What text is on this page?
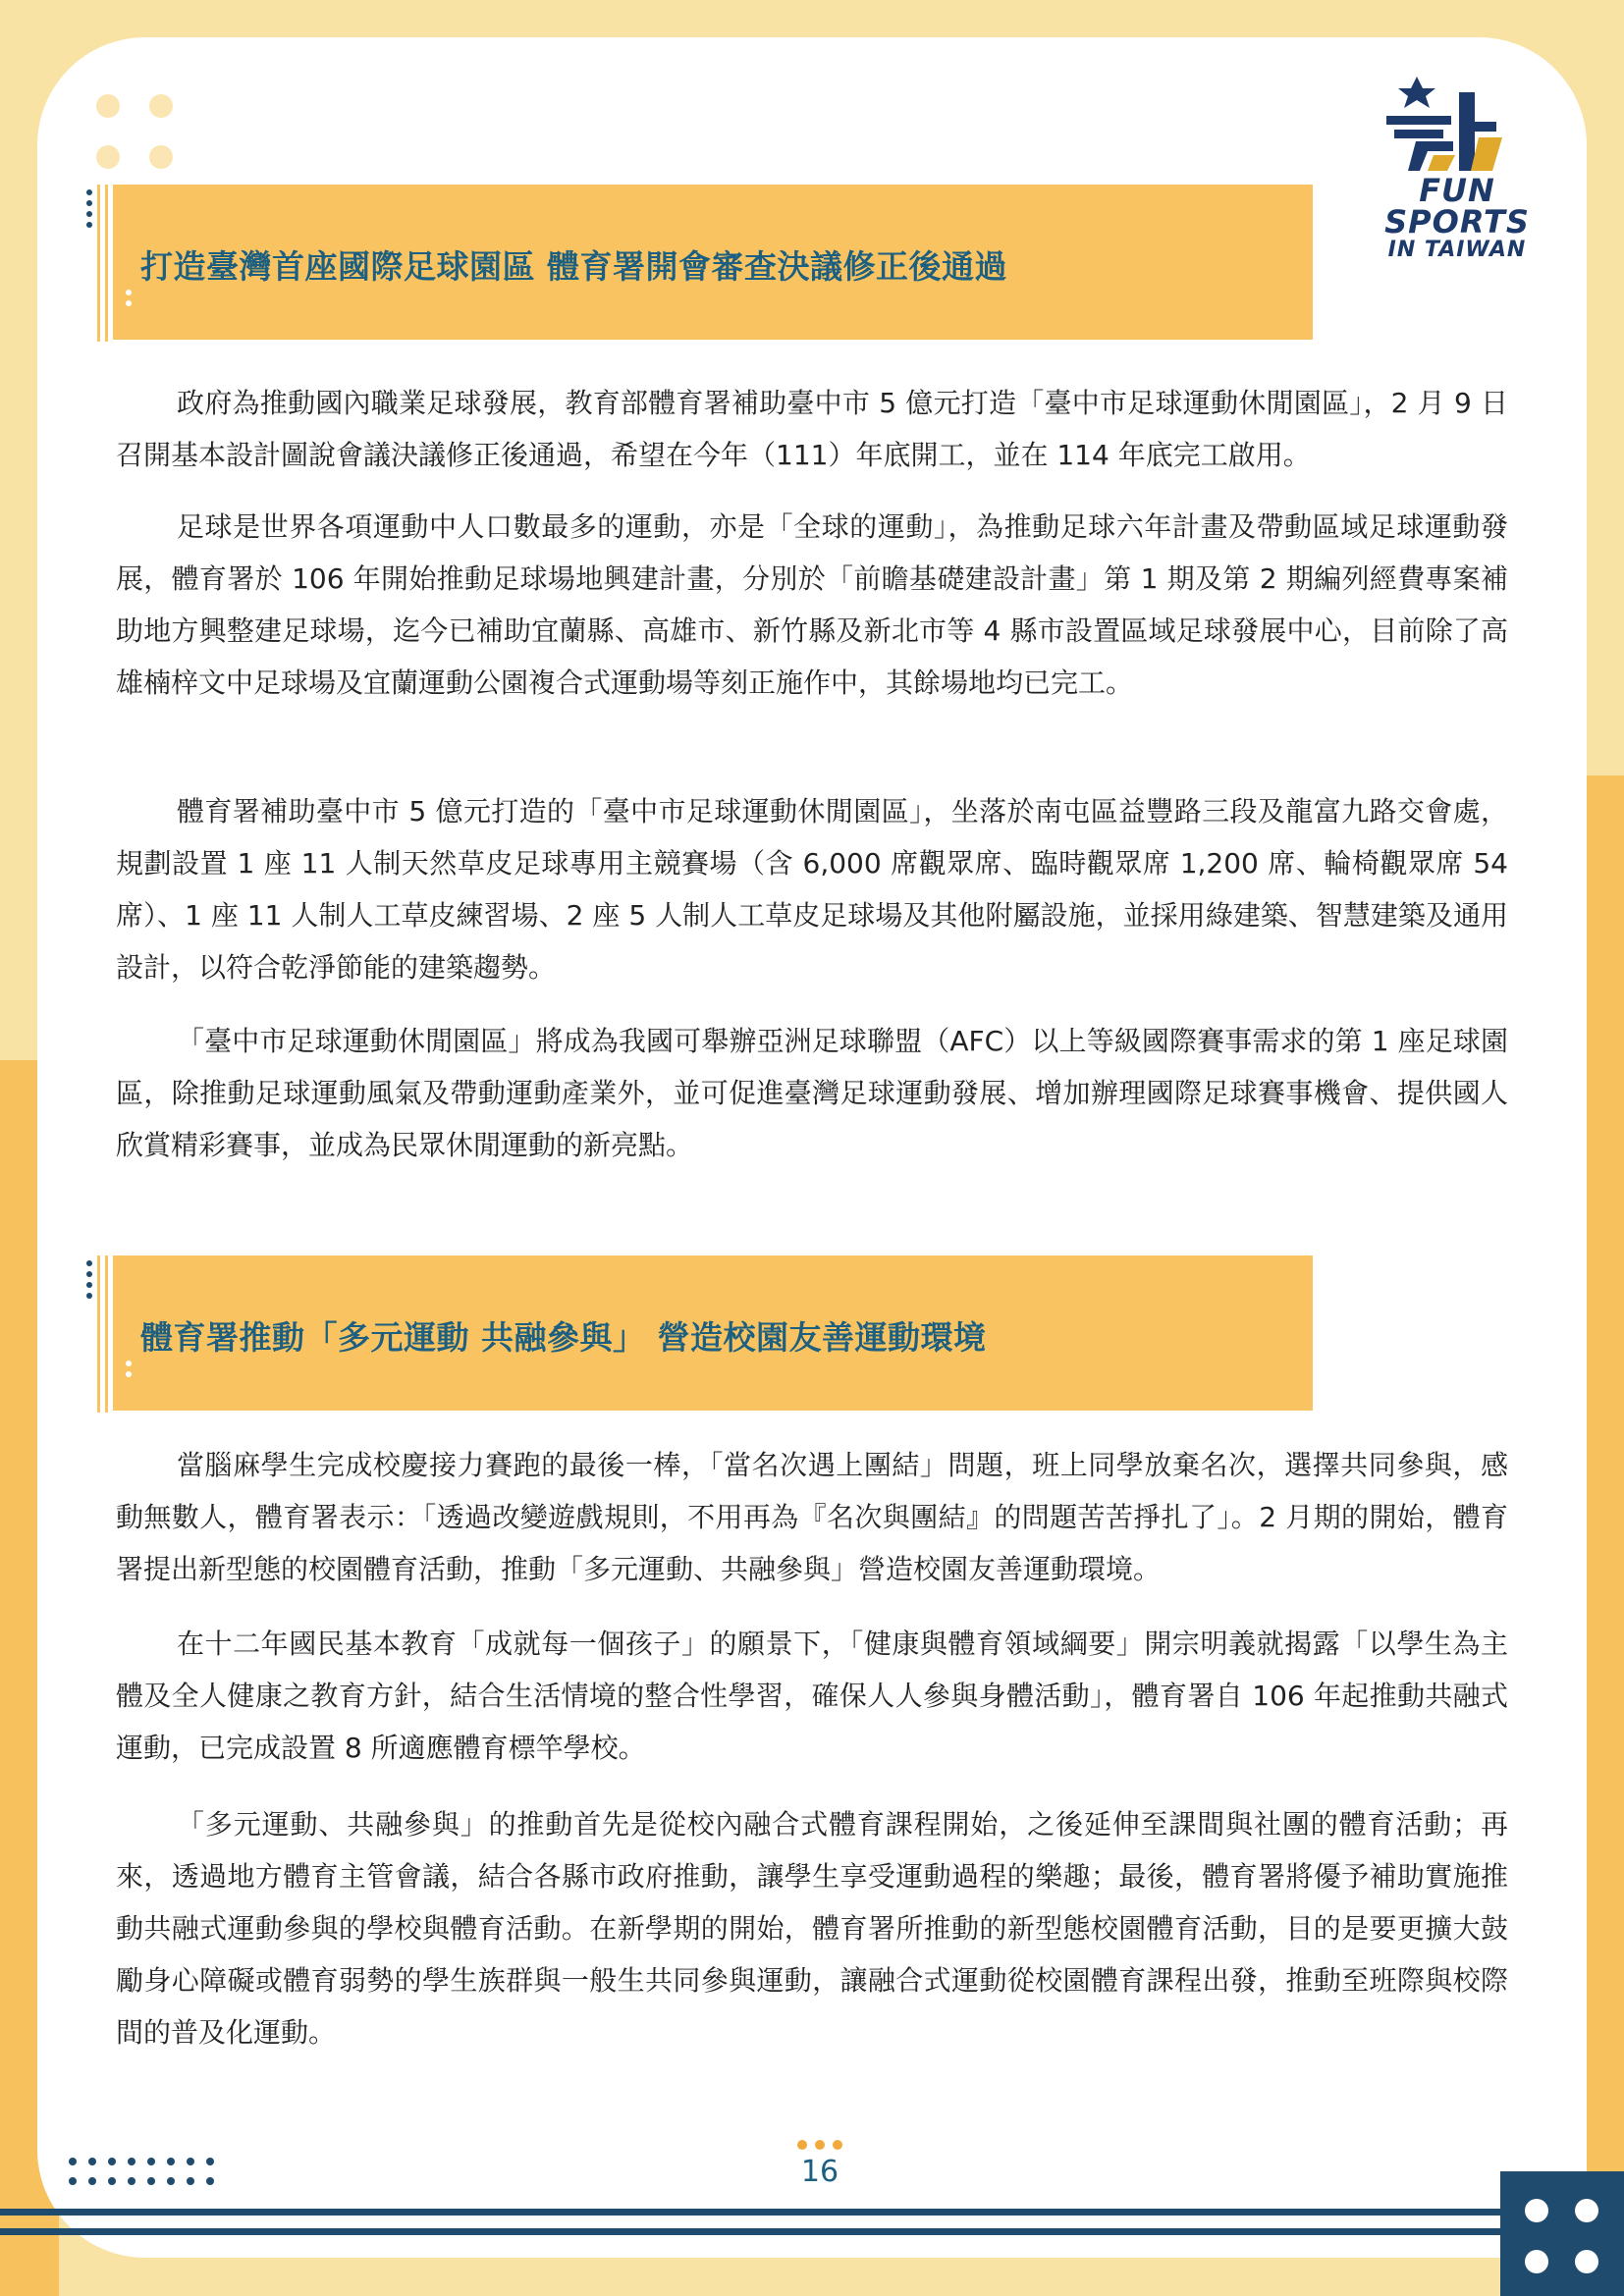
FUN SPORTS
IN TAIWAN
打造臺灣首座國際足球園區 體育署開會審查決議修正後通過

政府為推動國內職業足球發展，教育部體育署補助臺中市 5 億元打造「臺中市足球運動休閒園區」，2 月 9 日召開基本設計圖說會議決議修正後通過，希望在今年（111）年底開工，並在 114 年底完工啟用。

足球是世界各項運動中人口數最多的運動，亦是「全球的運動」，為推動足球六年計畫及帶動區域足球運動發展，體育署於 106 年開始推動足球場地興建計畫，分別於「前瞻基礎建設計畫」第 1 期及第 2 期編列經費專案補助地方興整建足球場，迄今已補助宜蘭縣、高雄市、新竹縣及新北市等 4 縣市設置區域足球發展中心，目前除了高雄楠梓文中足球場及宜蘭運動公園複合式運動場等刻正施作中，其餘場地均已完工。

體育署補助臺中市 5 億元打造的「臺中市足球運動休閒園區」，坐落於南屯區益豐路三段及龍富九路交會處，規劃設置 1 座 11 人制天然草皮足球專用主競賽場（含 6,000 席觀眾席、臨時觀眾席 1,200 席、輪椅觀眾席 54 席）、1 座 11 人制人工草皮練習場、2 座 5 人制人工草皮足球場及其他附屬設施，並採用綠建築、智慧建築及通用設計，以符合乾淨節能的建築趨勢。

「臺中市足球運動休閒園區」將成為我國可舉辦亞洲足球聯盟（AFC）以上等級國際賽事需求的第 1 座足球園區，除推動足球運動風氣及帶動運動產業外，並可促進臺灣足球運動發展、增加辦理國際足球賽事機會、提供國人欣賞精彩賽事，並成為民眾休閒運動的新亮點。

體育署推動「多元運動 共融參與」 營造校園友善運動環境

當腦麻學生完成校慶接力賽跑的最後一棒，「當名次遇上團結」問題，班上同學放棄名次，選擇共同參與，感動無數人，體育署表示：「透過改變遊戲規則，不用再為『名次與團結』的問題苦苦掙扎了」。2 月期的開始，體育署提出新型態的校園體育活動，推動「多元運動、共融參與」營造校園友善運動環境。

在十二年國民基本教育「成就每一個孩子」的願景下，「健康與體育領域綱要」開宗明義就揭露「以學生為主體及全人健康之教育方針，結合生活情境的整合性學習，確保人人參與身體活動」，體育署自 106 年起推動共融式運動，已完成設置 8 所適應體育標竿學校。

「多元運動、共融參與」的推動首先是從校內融合式體育課程開始，之後延伸至課間與社團的體育活動；再來，透過地方體育主管會議，結合各縣市政府推動，讓學生享受運動過程的樂趣；最後，體育署將優予補助實施推動共融式運動參與的學校與體育活動。在新學期的開始，體育署所推動的新型態校園體育活動，目的是要更擴大鼓勵身心障礙或體育弱勢的學生族群與一般生共同參與運動，讓融合式運動從校園體育課程出發，推動至班際與校際間的普及化運動。

16
